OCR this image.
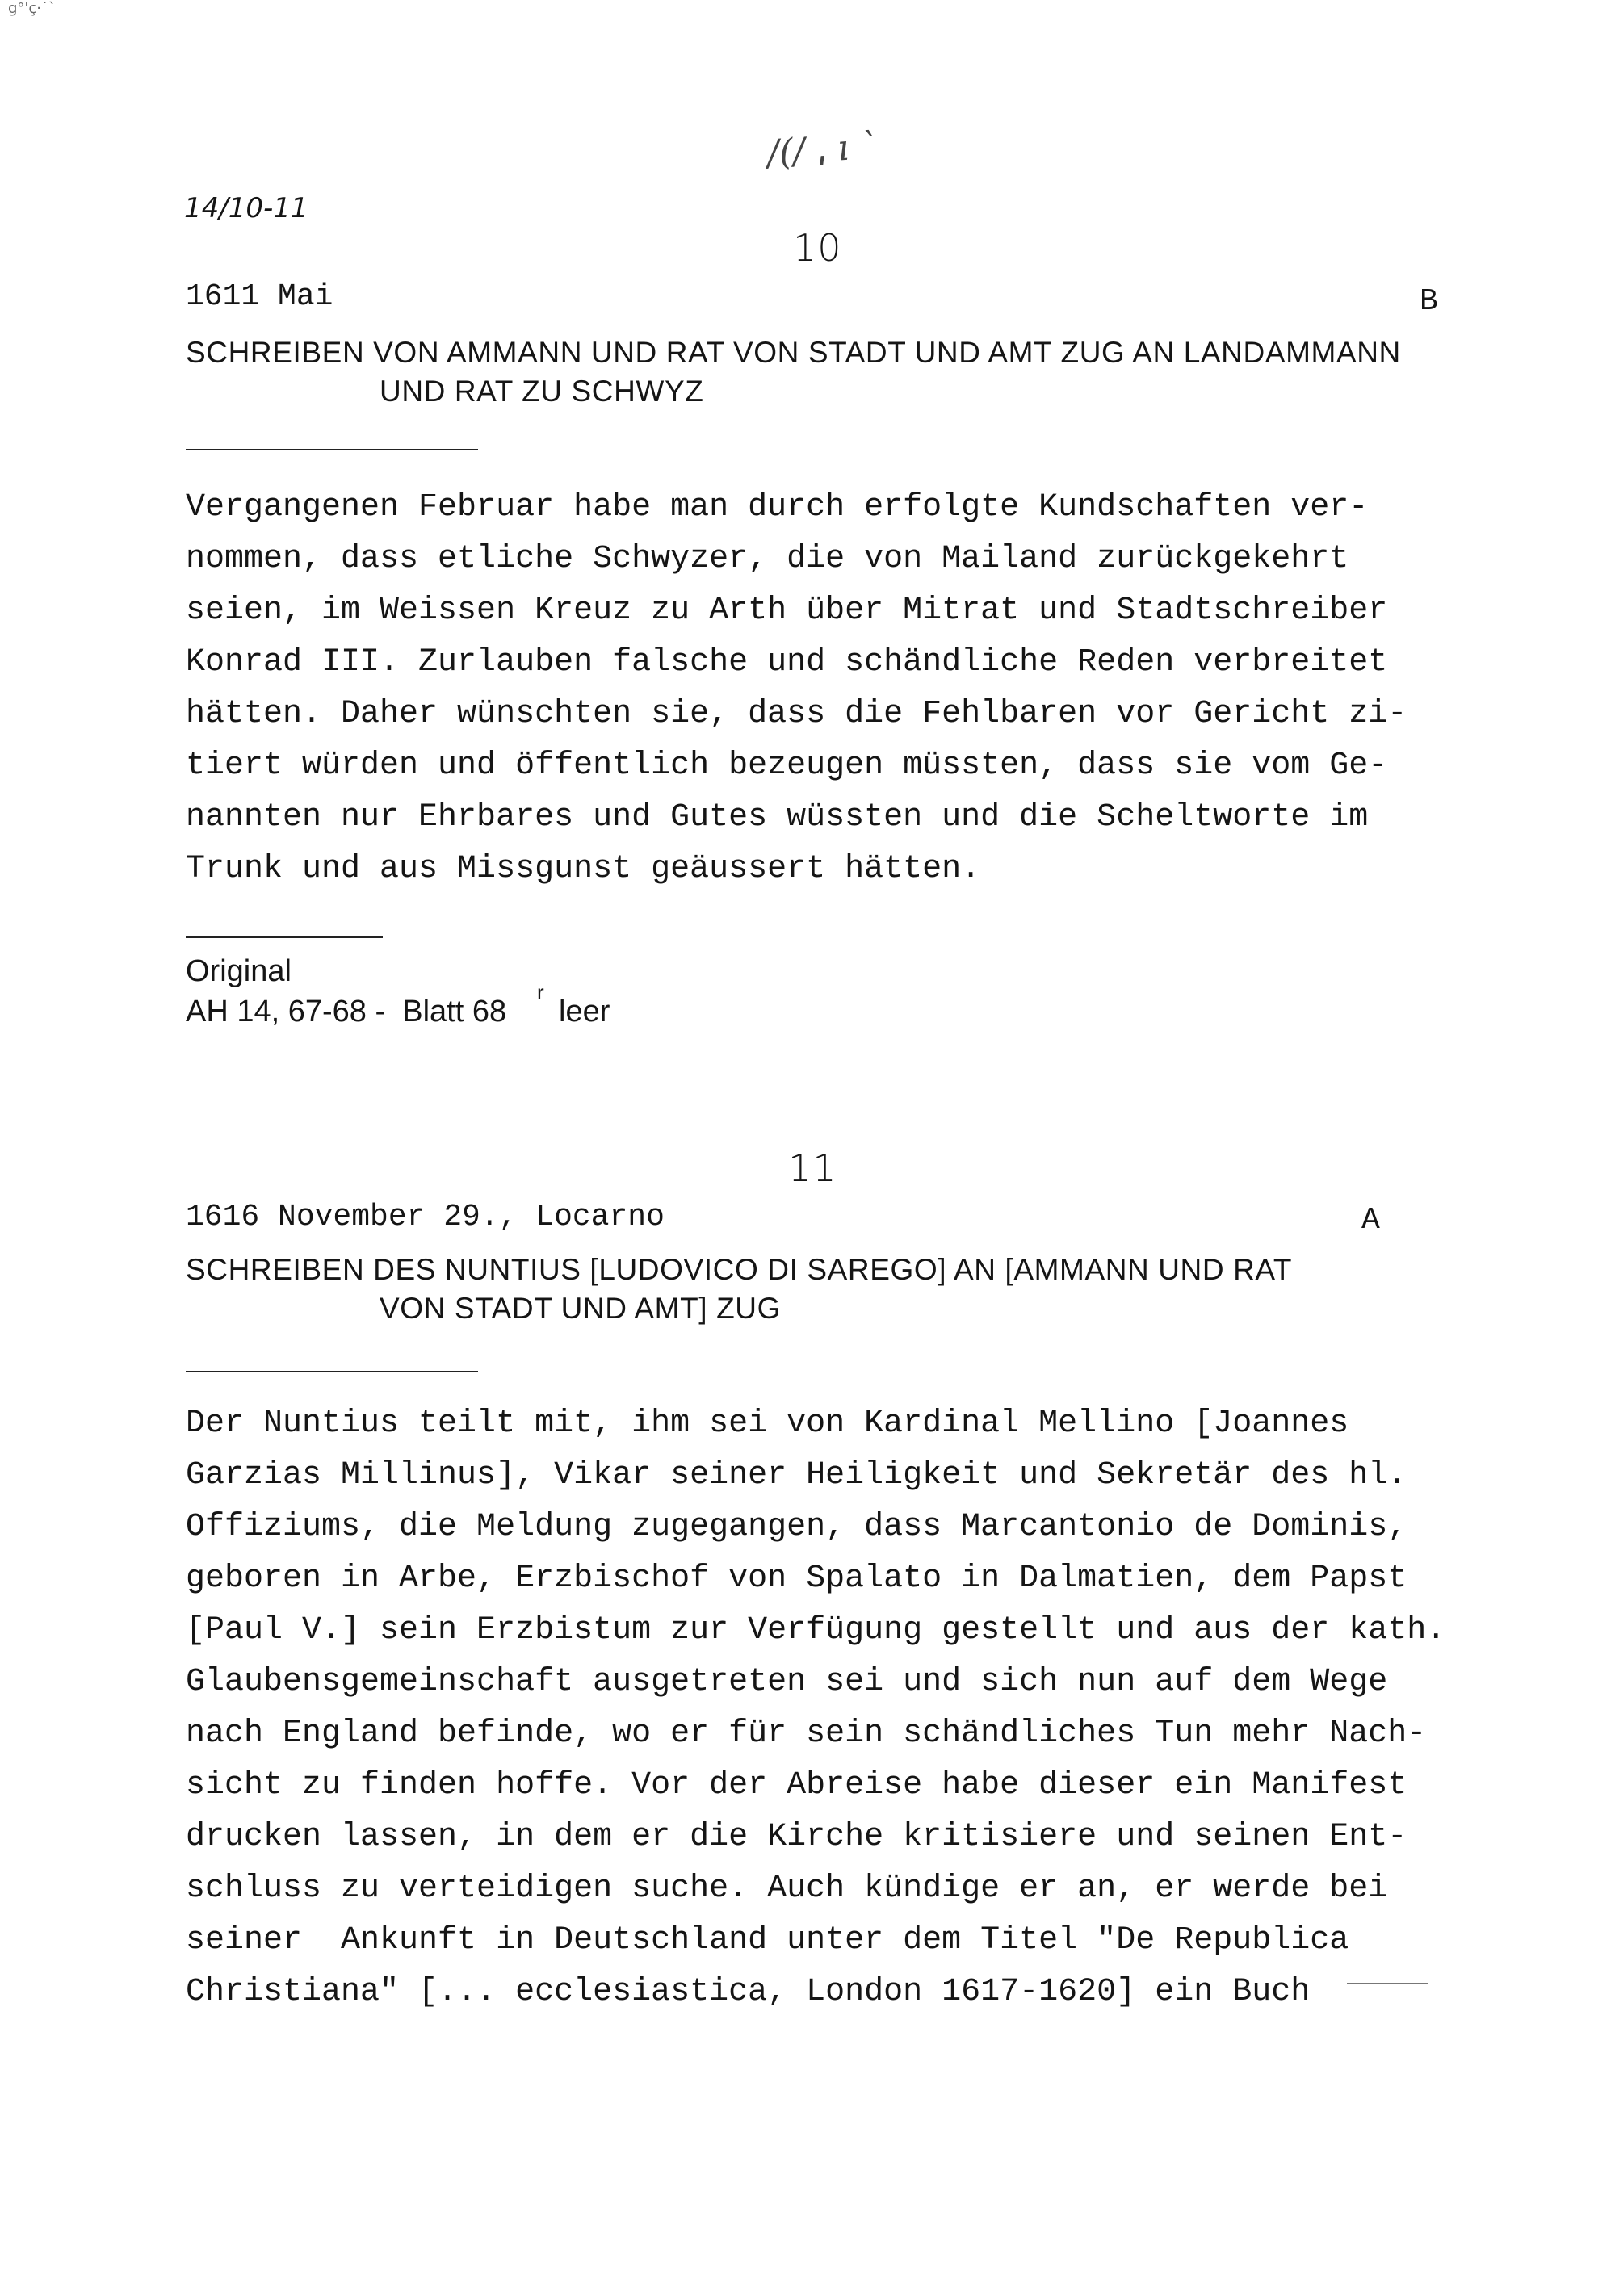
g°'ç·˙`
/(/ ˌ ı `
14/10-11
10
1611 Mai	B
SCHREIBEN VON AMMANN UND RAT VON STADT UND AMT ZUG AN LANDAMMANN
UND RAT ZU SCHWYZ
Vergangenen Februar habe man durch erfolgte Kundschaften ver-
nommen, dass etliche Schwyzer, die von Mailand zurückgekehrt
seien, im Weissen Kreuz zu Arth über Mitrat und Stadtschreiber
Konrad III. Zurlauben falsche und schändliche Reden verbreitet
hätten. Daher wünschten sie, dass die Fehlbaren vor Gericht zi-
tiert würden und öffentlich bezeugen müssten, dass sie vom Ge-
nannten nur Ehrbares und Gutes wüssten und die Scheltworte im
Trunk und aus Missgunst geäussert hätten.
Original
AH 14, 67-68 -  Blatt 68
r
leer
11
1616 November 29., Locarno	A
SCHREIBEN DES NUNTIUS [LUDOVICO DI SAREGO] AN [AMMANN UND RAT
VON STADT UND AMT] ZUG
Der Nuntius teilt mit, ihm sei von Kardinal Mellino [Joannes
Garzias Millinus], Vikar seiner Heiligkeit und Sekretär des hl.
Offiziums, die Meldung zugegangen, dass Marcantonio de Dominis,
geboren in Arbe, Erzbischof von Spalato in Dalmatien, dem Papst
[Paul V.] sein Erzbistum zur Verfügung gestellt und aus der kath.
Glaubensgemeinschaft ausgetreten sei und sich nun auf dem Wege
nach England befinde, wo er für sein schändliches Tun mehr Nach-
sicht zu finden hoffe. Vor der Abreise habe dieser ein Manifest
drucken lassen, in dem er die Kirche kritisiere und seinen Ent-
schluss zu verteidigen suche. Auch kündige er an, er werde bei
seiner  Ankunft in Deutschland unter dem Titel "De Republica
Christiana" [... ecclesiastica, London 1617-1620] ein Buch
